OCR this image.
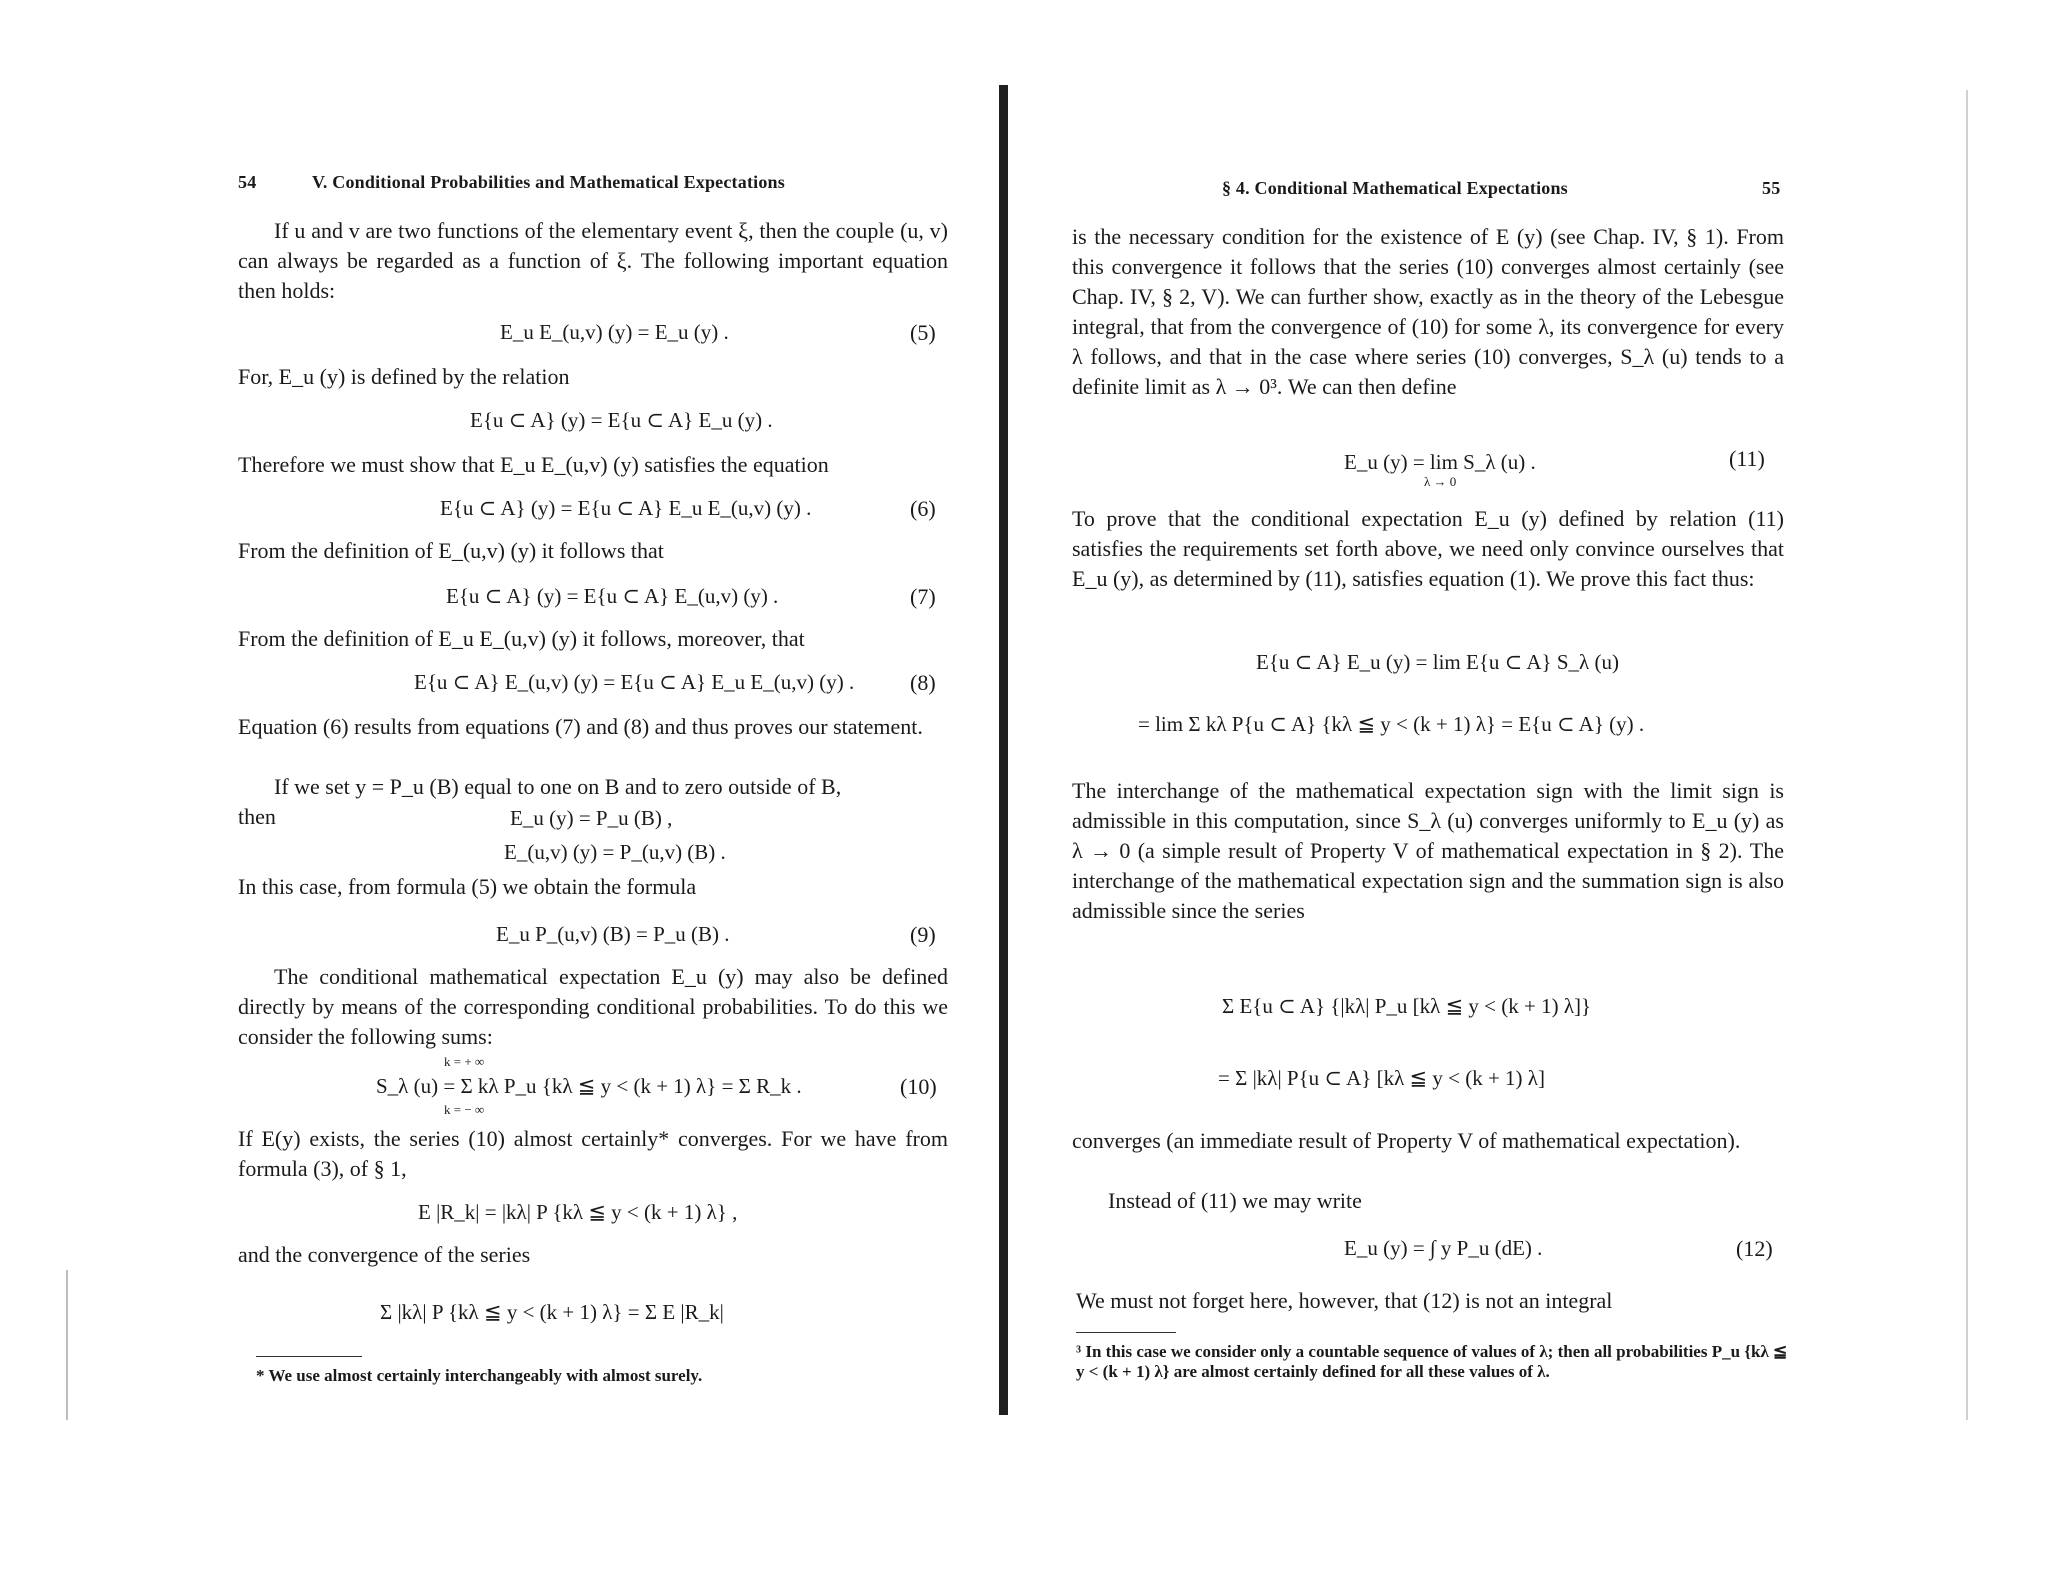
54	V. Conditional Probabilities and Mathematical Expectations
If u and v are two functions of the elementary event ξ, then the couple (u, v) can always be regarded as a function of ξ. The following important equation then holds:
E_u E_(u,v) (y) = E_u (y) .	(5)
For, E_u (y) is defined by the relation
E{u ⊂ A} (y) = E{u ⊂ A} E_u (y) .
Therefore we must show that E_u E_(u,v) (y) satisfies the equation
E{u ⊂ A} (y) = E{u ⊂ A} E_u E_(u,v) (y) .	(6)
From the definition of E_(u,v) (y) it follows that
E{u ⊂ A} (y) = E{u ⊂ A} E_(u,v) (y) .	(7)
From the definition of E_u E_(u,v) (y) it follows, moreover, that
E{u ⊂ A} E_(u,v) (y) = E{u ⊂ A} E_u E_(u,v) (y) .	(8)
Equation (6) results from equations (7) and (8) and thus proves our statement.
If we set y = P_u (B) equal to one on B and to zero outside of B,
then	E_u (y) = P_u (B) ,
E_(u,v) (y) = P_(u,v) (B) .
In this case, from formula (5) we obtain the formula
E_u P_(u,v) (B) = P_u (B) .	(9)
The conditional mathematical expectation E_u (y) may also be defined directly by means of the corresponding conditional probabilities. To do this we consider the following sums:
k = + ∞
S_λ (u) = Σ kλ P_u {kλ ≦ y < (k + 1) λ} = Σ R_k .
k = − ∞
(10)
If E(y) exists, the series (10) almost certainly* converges. For we have from formula (3), of § 1,
E |R_k| = |kλ| P {kλ ≦ y < (k + 1) λ} ,
and the convergence of the series
Σ |kλ| P {kλ ≦ y < (k + 1) λ} = Σ E |R_k|
* We use almost certainly interchangeably with almost surely.
§ 4. Conditional Mathematical Expectations	55
is the necessary condition for the existence of E (y) (see Chap. IV, § 1). From this convergence it follows that the series (10) converges almost certainly (see Chap. IV, § 2, V). We can further show, exactly as in the theory of the Lebesgue integral, that from the convergence of (10) for some λ, its convergence for every λ follows, and that in the case where series (10) converges, S_λ (u) tends to a definite limit as λ → 0³. We can then define
E_u (y) = lim S_λ (u) .
λ → 0
(11)
To prove that the conditional expectation E_u (y) defined by relation (11) satisfies the requirements set forth above, we need only convince ourselves that E_u (y), as determined by (11), satisfies equation (1). We prove this fact thus:
E{u ⊂ A} E_u (y) = lim E{u ⊂ A} S_λ (u)
= lim Σ kλ P{u ⊂ A} {kλ ≦ y < (k + 1) λ} = E{u ⊂ A} (y) .
The interchange of the mathematical expectation sign with the limit sign is admissible in this computation, since S_λ (u) converges uniformly to E_u (y) as λ → 0 (a simple result of Property V of mathematical expectation in § 2). The interchange of the mathematical expectation sign and the summation sign is also admissible since the series
Σ E{u ⊂ A} {|kλ| P_u [kλ ≦ y < (k + 1) λ]}
= Σ |kλ| P{u ⊂ A} [kλ ≦ y < (k + 1) λ]
converges (an immediate result of Property V of mathematical expectation).
Instead of (11) we may write
E_u (y) = ∫ y P_u (dE) .	(12)
We must not forget here, however, that (12) is not an integral
³ In this case we consider only a countable sequence of values of λ; then all probabilities P_u {kλ ≦ y < (k + 1) λ} are almost certainly defined for all these values of λ.
